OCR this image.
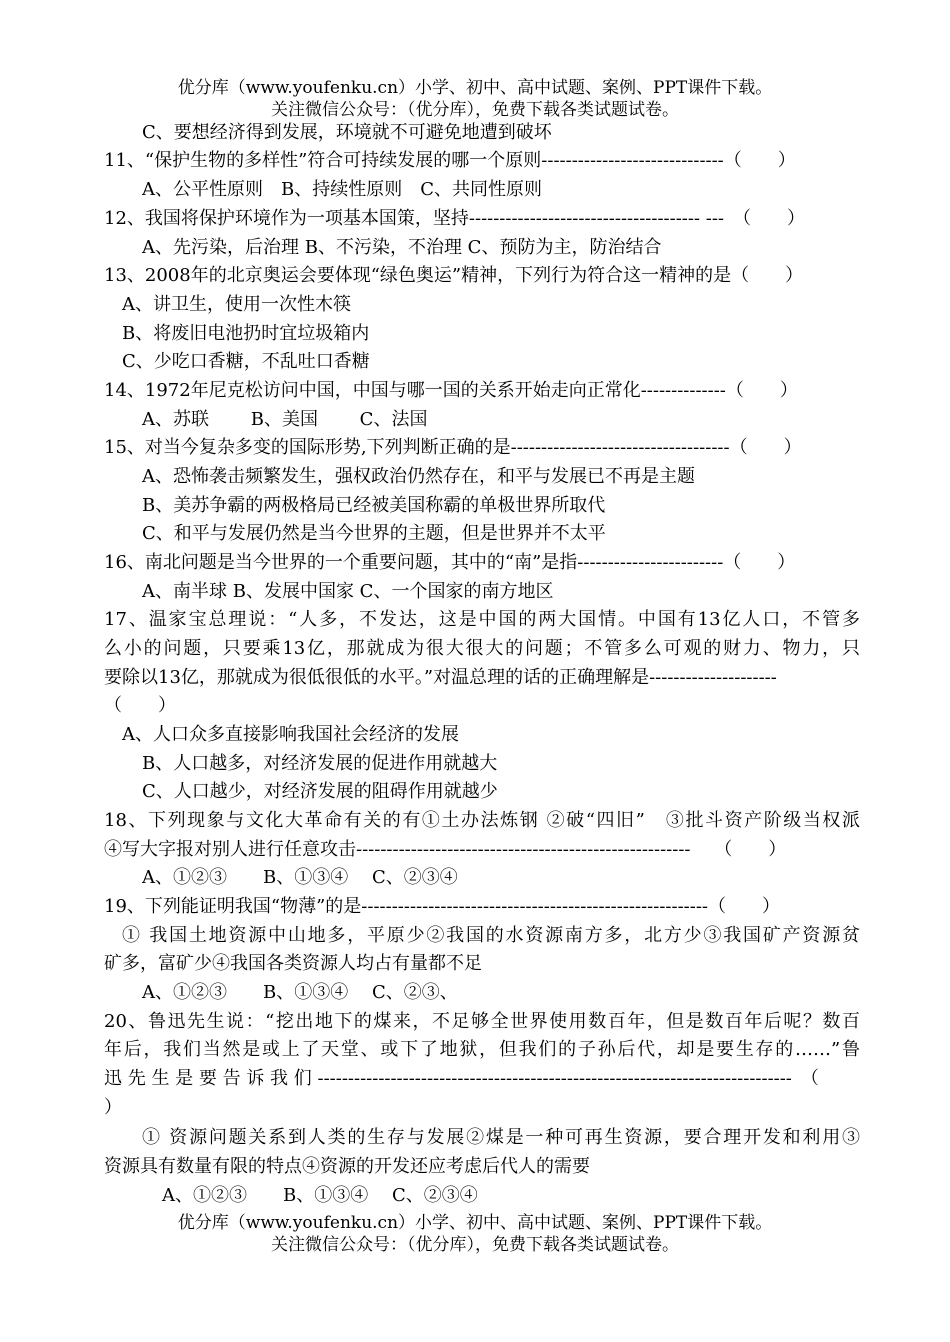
优分库（www.youfenku.cn）小学、初中、高中试题、案例、PPT课件下载。
关注微信公众号：（优分库），免费下载各类试题试卷。
C、要想经济得到发展，环境就不可避免地遭到破坏
11、“保护生物的多样性”符合可持续发展的哪一个原则------------------------------（　　）
A、公平性原则　B、持续性原则　C、共同性原则
12、我国将保护环境作为一项基本国策，坚持-------------------------------------- ---　（　　）
A、先污染，后治理 B、不污染，不治理 C、预防为主，防治结合
13、2008年的北京奥运会要体现“绿色奥运”精神，下列行为符合这一精神的是（　　）
A、讲卫生，使用一次性木筷
B、将废旧电池扔时宜垃圾箱内
C、少吃口香糖，不乱吐口香糖
14、1972年尼克松访问中国，中国与哪一国的关系开始走向正常化--------------（　　）
A、苏联　　 B、美国　　 C、法国
15、对当今复杂多变的国际形势,下列判断正确的是------------------------------------（　　）
A、恐怖袭击频繁发生，强权政治仍然存在，和平与发展已不再是主题
B、美苏争霸的两极格局已经被美国称霸的单极世界所取代
C、和平与发展仍然是当今世界的主题，但是世界并不太平
16、南北问题是当今世界的一个重要问题，其中的“南”是指------------------------（　　）
A、南半球 B、发展中国家 C、一个国家的南方地区
17、温家宝总理说：“人多，不发达，这是中国的两大国情。中国有13亿人口，不管多
么小的问题，只要乘13亿，那就成为很大很大的问题；不管多么可观的财力、物力，只
要除以13亿，那就成为很低很低的水平。”对温总理的话的正确理解是---------------------
（　　）
A、人口众多直接影响我国社会经济的发展
B、人口越多，对经济发展的促进作用就越大
C、人口越少，对经济发展的阻碍作用就越少
18、下列现象与文化大革命有关的有①土办法炼钢 ②破“四旧”　③批斗资产阶级当权派
④写大字报对别人进行任意攻击-------------------------------------------------------　 （　　）
A、①②③　　B、①③④　 C、②③④
19、下列能证明我国“物薄”的是---------------------------------------------------------（　　）
① 我国土地资源中山地多，平原少②我国的水资源南方多，北方少③我国矿产资源贫
矿多，富矿少④我国各类资源人均占有量都不足
A、①②③　　B、①③④　 C、②③、
20、鲁迅先生说：“挖出地下的煤来，不足够全世界使用数百年，但是数百年后呢？数百
年后，我们当然是或上了天堂、或下了地狱，但我们的子孙后代，却是要生存的……”鲁
迅 先 生 是 要 告 诉 我 们 ------------------------------------------------------------------------------　（
）
① 资源问题关系到人类的生存与发展②煤是一种可再生资源，要合理开发和利用③
资源具有数量有限的特点④资源的开发还应考虑后代人的需要
A、①②③　　B、①③④　 C、②③④
优分库（www.youfenku.cn）小学、初中、高中试题、案例、PPT课件下载。
关注微信公众号：（优分库），免费下载各类试题试卷。
